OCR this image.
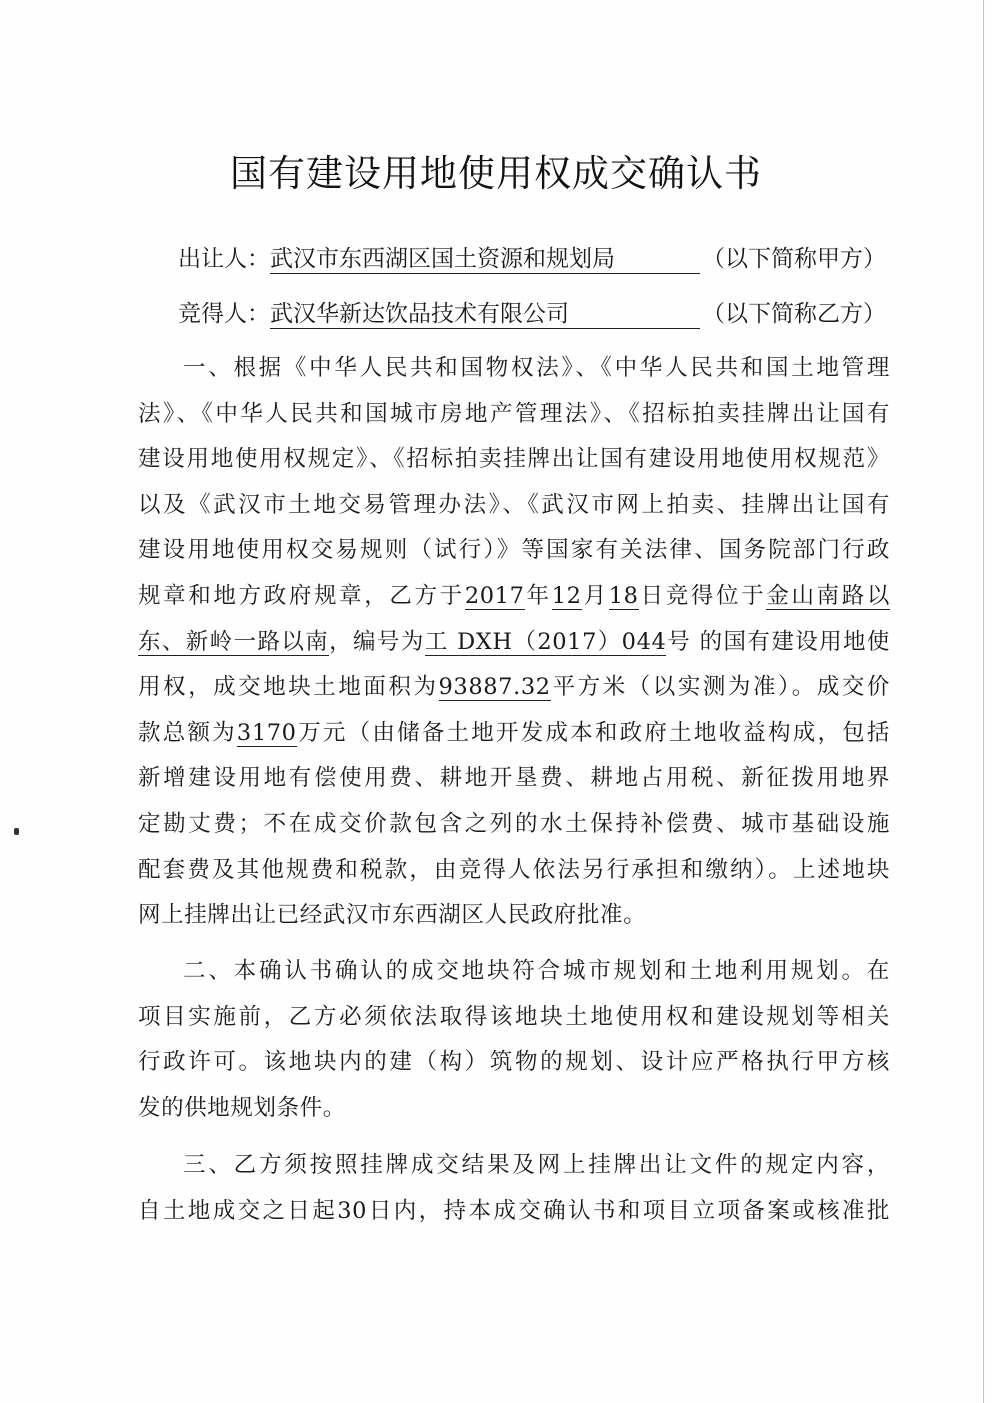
国有建设用地使用权成交确认书
出让人：武汉市东西湖区国土资源和规划局	（以下简称甲方）
竞得人：武汉华新达饮品技术有限公司	（以下简称乙方）
一、根据《中华人民共和国物权法》、《中华人民共和国土地管理
法》、《中华人民共和国城市房地产管理法》、《招标拍卖挂牌出让国有
建设用地使用权规定》、《招标拍卖挂牌出让国有建设用地使用权规范》
以及《武汉市土地交易管理办法》、《武汉市网上拍卖、挂牌出让国有
建设用地使用权交易规则（试行）》等国家有关法律、国务院部门行政
规章和地方政府规章，乙方于2017年12月18日竞得位于金山南路以
东、新岭一路以南，编号为工 DXH（2017）044号 的国有建设用地使
用权，成交地块土地面积为93887.32平方米（以实测为准）。成交价
款总额为3170万元（由储备土地开发成本和政府土地收益构成，包括
新增建设用地有偿使用费、耕地开垦费、耕地占用税、新征拨用地界
定勘丈费；不在成交价款包含之列的水土保持补偿费、城市基础设施
配套费及其他规费和税款，由竞得人依法另行承担和缴纳）。上述地块
网上挂牌出让已经武汉市东西湖区人民政府批准。
二、本确认书确认的成交地块符合城市规划和土地利用规划。在
项目实施前，乙方必须依法取得该地块土地使用权和建设规划等相关
行政许可。该地块内的建（构）筑物的规划、设计应严格执行甲方核
发的供地规划条件。
三、乙方须按照挂牌成交结果及网上挂牌出让文件的规定内容，
自土地成交之日起30日内，持本成交确认书和项目立项备案或核准批
